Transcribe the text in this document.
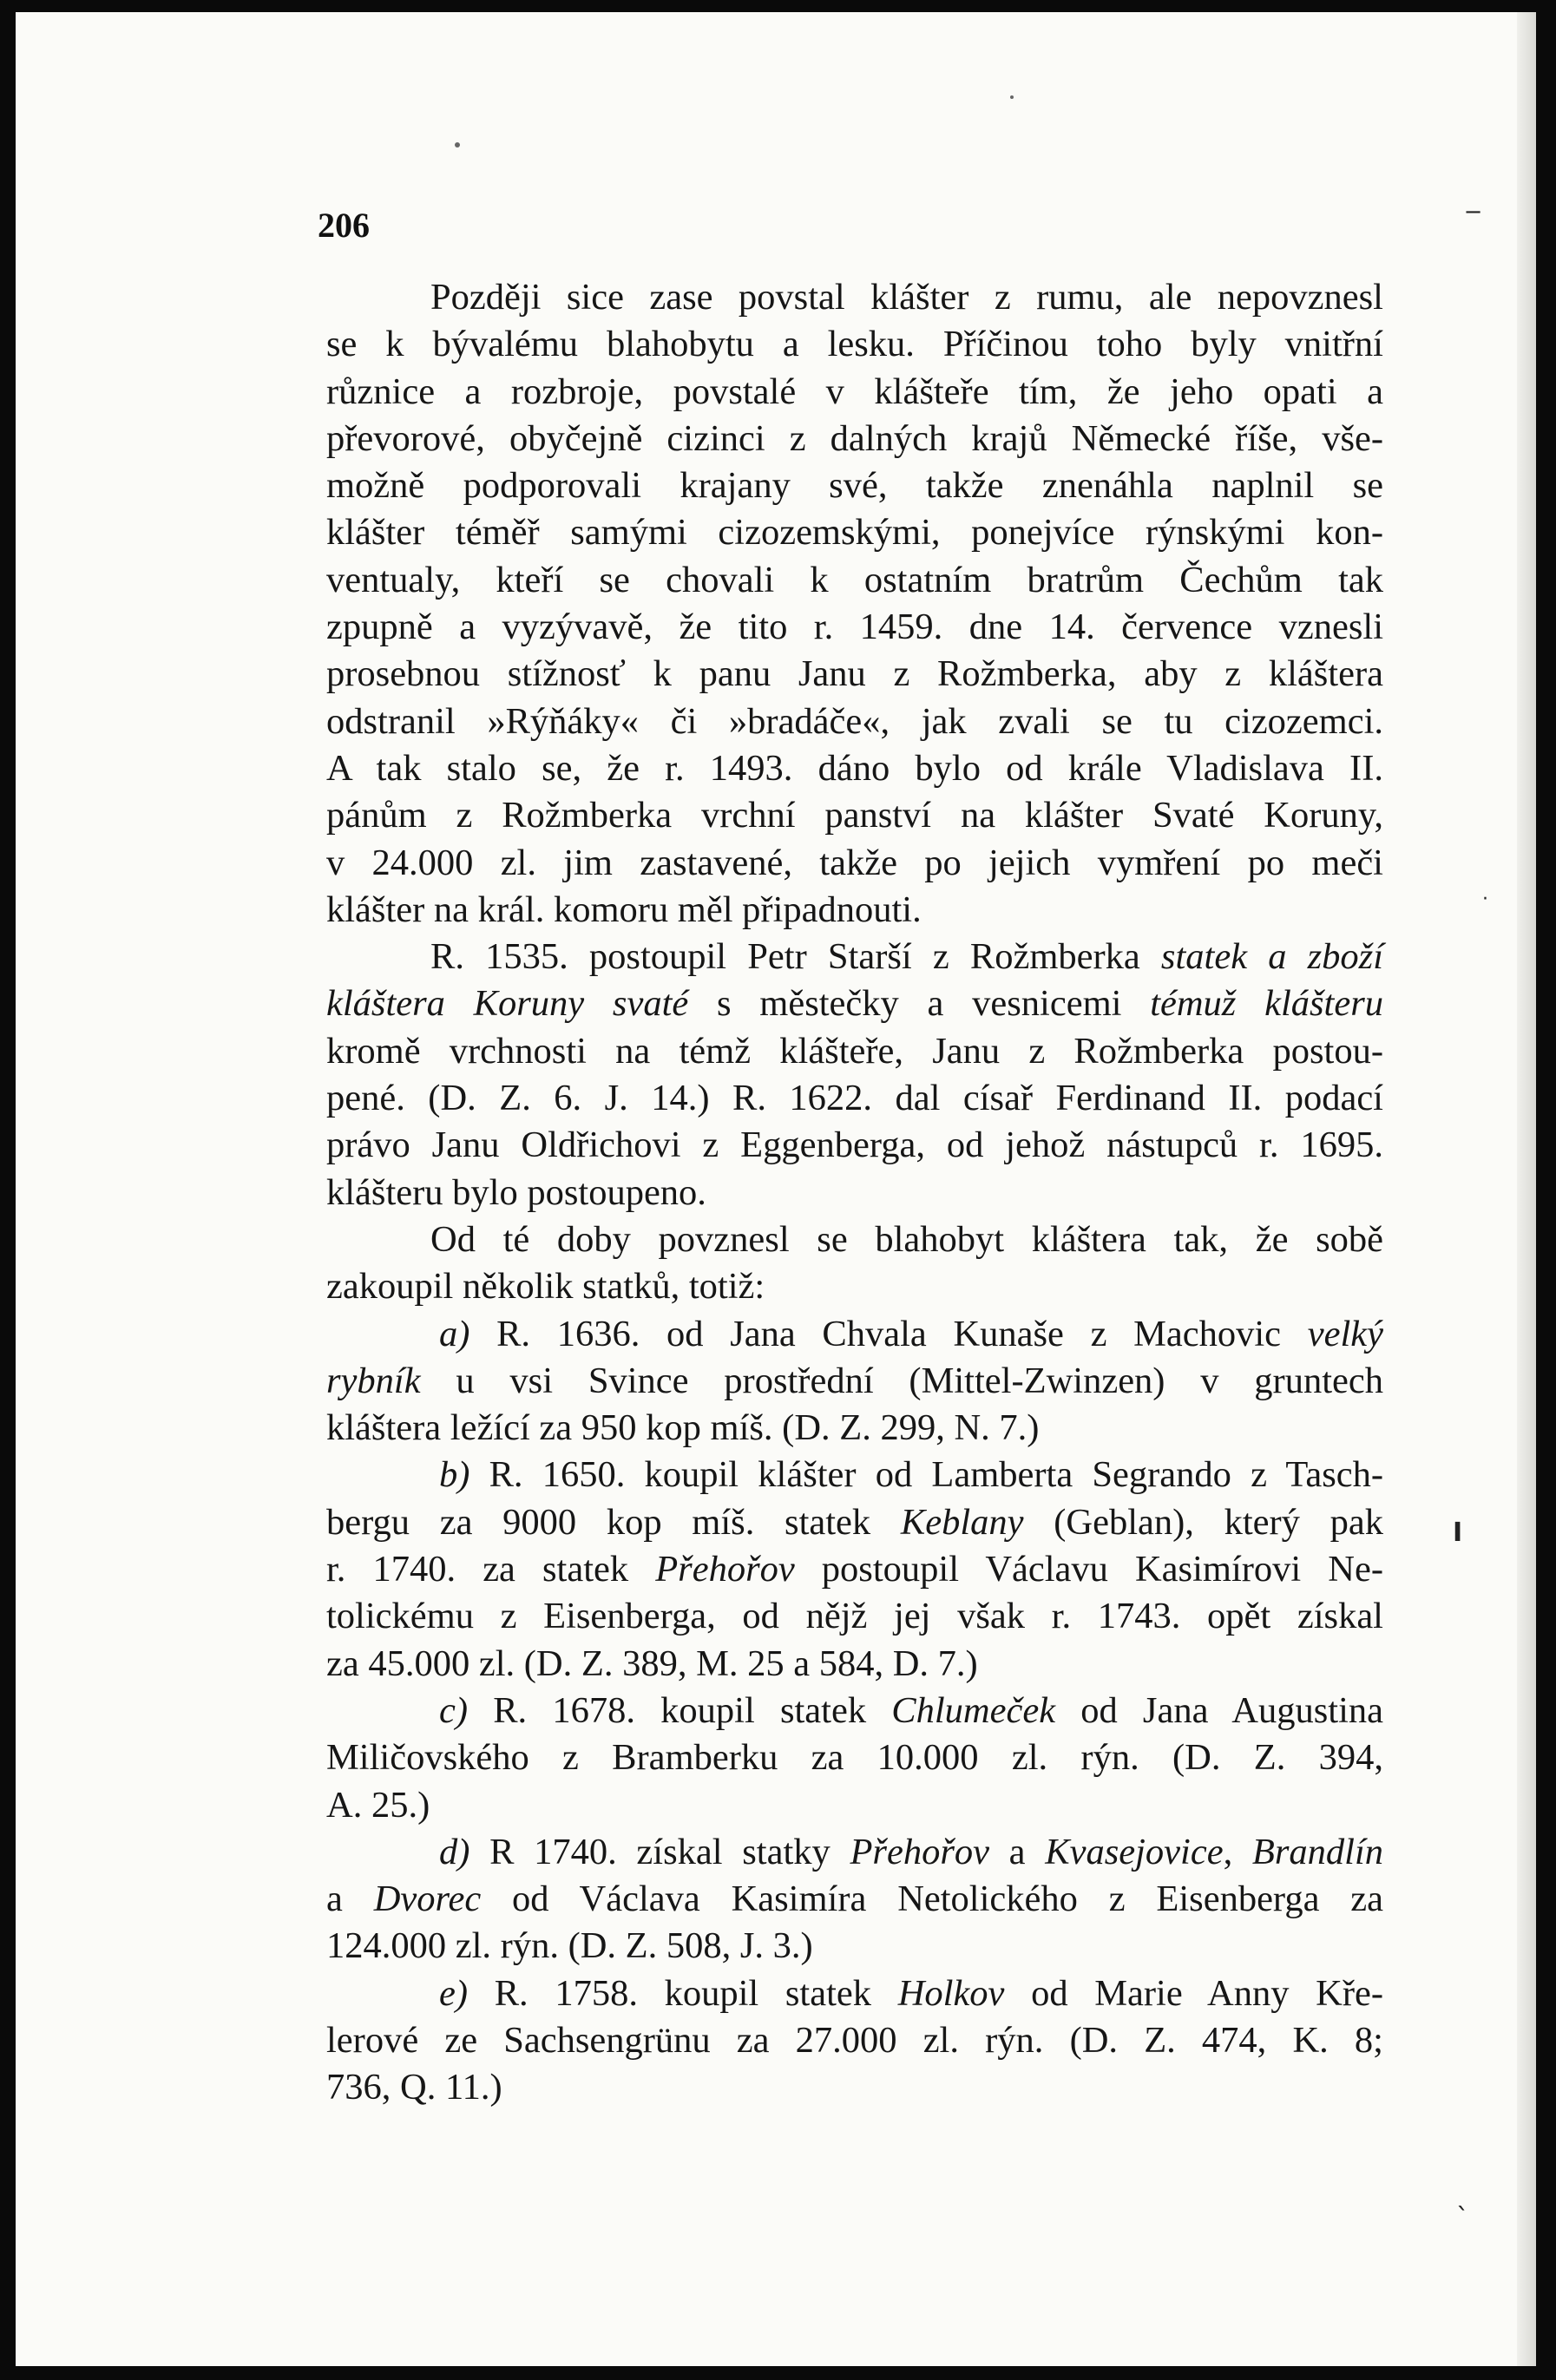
206
Později sice zase povstal klášter z rumu, ale nepovznesl
se k bývalému blahobytu a lesku. Příčinou toho byly vnitřní
různice a rozbroje, povstalé v klášteře tím, že jeho opati a
převorové, obyčejně cizinci z dalných krajů Německé říše, vše-
možně podporovali krajany své, takže znenáhla naplnil se
klášter téměř samými cizozemskými, ponejvíce rýnskými kon-
ventualy, kteří se chovali k ostatním bratrům Čechům tak
zpupně a vyzývavě, že tito r. 1459. dne 14. července vznesli
prosebnou stížnosť k panu Janu z Rožmberka, aby z kláštera
odstranil »Rýňáky« či »bradáče«, jak zvali se tu cizozemci.
A tak stalo se, že r. 1493. dáno bylo od krále Vladislava II.
pánům z Rožmberka vrchní panství na klášter Svaté Koruny,
v 24.000 zl. jim zastavené, takže po jejich vymření po meči
klášter na král. komoru měl připadnouti.
R. 1535. postoupil Petr Starší z Rožmberka statek a zboží
kláštera Koruny svaté s městečky a vesnicemi témuž klášteru
kromě vrchnosti na témž klášteře, Janu z Rožmberka postou-
pené. (D. Z. 6. J. 14.) R. 1622. dal císař Ferdinand II. podací
právo Janu Oldřichovi z Eggenberga, od jehož nástupců r. 1695.
klášteru bylo postoupeno.
Od té doby povznesl se blahobyt kláštera tak, že sobě
zakoupil několik statků, totiž:
a) R. 1636. od Jana Chvala Kunaše z Machovic velký
rybník u vsi Svince prostřední (Mittel-Zwinzen) v gruntech
kláštera ležící za 950 kop míš. (D. Z. 299, N. 7.)
b) R. 1650. koupil klášter od Lamberta Segrando z Tasch-
bergu za 9000 kop míš. statek Keblany (Geblan), který pak
r. 1740. za statek Přehořov postoupil Václavu Kasimírovi Ne-
tolickému z Eisenberga, od nějž jej však r. 1743. opět získal
za 45.000 zl. (D. Z. 389, M. 25 a 584, D. 7.)
c) R. 1678. koupil statek Chlumeček od Jana Augustina
Miličovského z Bramberku za 10.000 zl. rýn. (D. Z. 394,
A. 25.)
d) R 1740. získal statky Přehořov a Kvasejovice, Brandlín
a Dvorec od Václava Kasimíra Netolického z Eisenberga za
124.000 zl. rýn. (D. Z. 508, J. 3.)
e) R. 1758. koupil statek Holkov od Marie Anny Kře-
lerové ze Sachsengrünu za 27.000 zl. rýn. (D. Z. 474, K. 8;
736, Q. 11.)
‒
·
I
ˋ
